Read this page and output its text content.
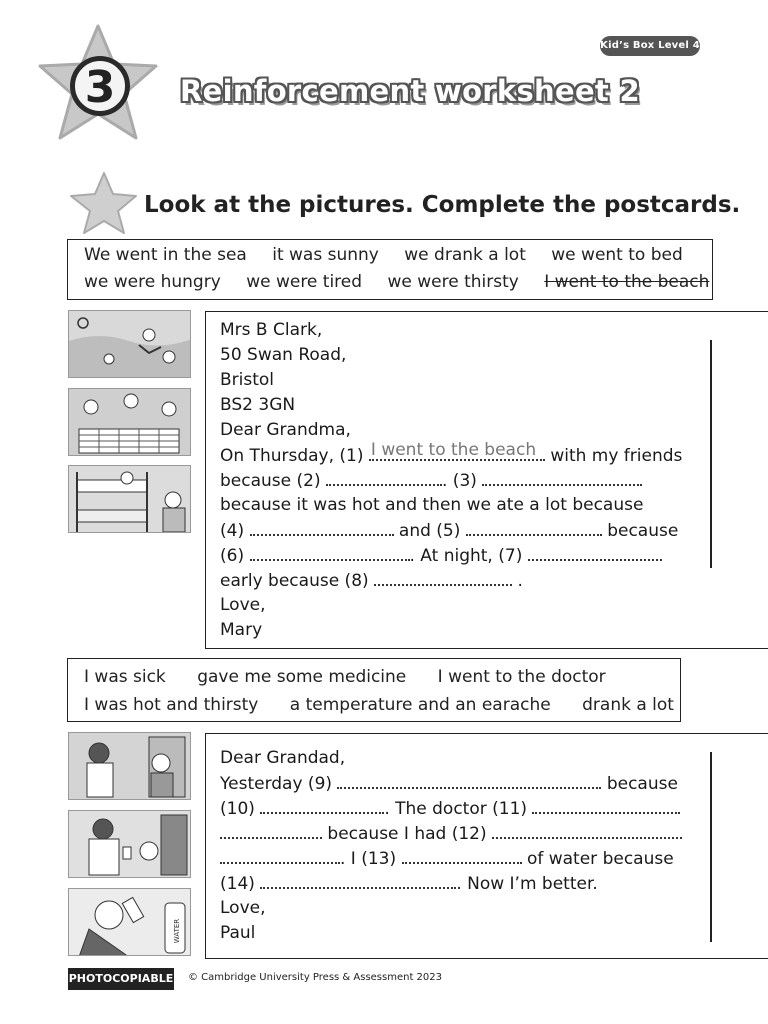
Kid’s Box Level 4
3 Reinforcement worksheet 2
Look at the pictures. Complete the postcards.
We went in the sea it was sunny we drank a lot we went to bed
we were hungry we were tired we were thirsty I went to the beach
Mrs B Clark,
50 Swan Road,
Bristol
BS2 3GN
Dear Grandma,
On Thursday, (1) I went to the beach with my friends
because (2)	. (3)
because it was hot and then we ate a lot because
(4)	and (5)	because
(6)	. At night, (7)
early because (8)	.
Love,
Mary
I was sick gave me some medicine I went to the doctor
I was hot and thirsty a temperature and an earache drank a lot
WATER
Dear Grandad,
Yesterday (9)	because
(10)	. The doctor (11)
because I had (12)
. I (13)	of water because
(14)	. Now I’m better.
Love,
Paul
PHOTOCOPIABLE © Cambridge University Press & Assessment 2023
